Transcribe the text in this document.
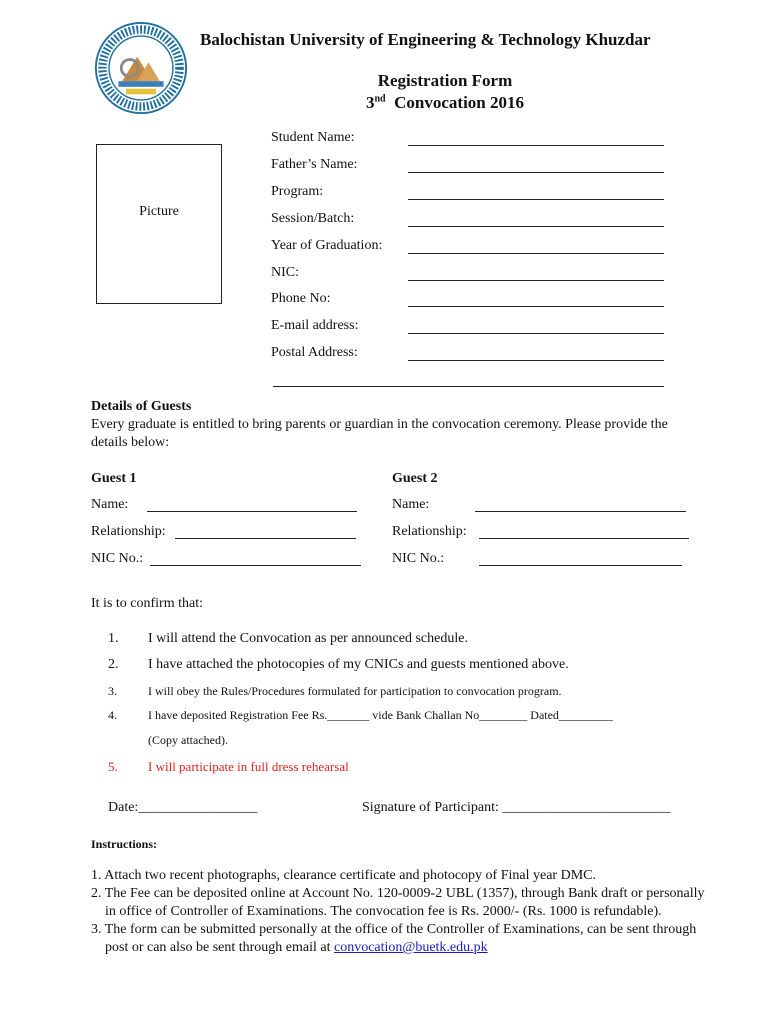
Balochistan University of Engineering & Technology Khuzdar
Registration Form
3nd Convocation 2016
Picture
Student Name:
Father’s Name:
Program:
Session/Batch:
Year of Graduation:
NIC:
Phone No:
E-mail address:
Postal Address:
Details of Guests
Every graduate is entitled to bring parents or guardian in the convocation ceremony. Please provide the details below:
Guest 1	Guest 2
Name:	Name:
Relationship:	Relationship:
NIC No.:	NIC No.:
It is to confirm that:
1. I will attend the Convocation as per announced schedule.
2. I have attached the photocopies of my CNICs and guests mentioned above.
3.	I will obey the Rules/Procedures formulated for participation to convocation program.
4.	I have deposited Registration Fee Rs._______ vide Bank Challan No________ Dated_________
(Copy attached).
5. I will participate in full dress rehearsal
Date:_________________	Signature of Participant: ________________________
Instructions:

1. Attach two recent photographs, clearance certificate and photocopy of Final year DMC.

2. The Fee can be deposited online at Account No. 120-0009-2 UBL (1357), through Bank draft or personally in office of Controller of Examinations. The convocation fee is Rs. 2000/- (Rs. 1000 is refundable).

3. The form can be submitted personally at the office of the Controller of Examinations, can be sent through post or can also be sent through email at convocation@buetk.edu.pk
